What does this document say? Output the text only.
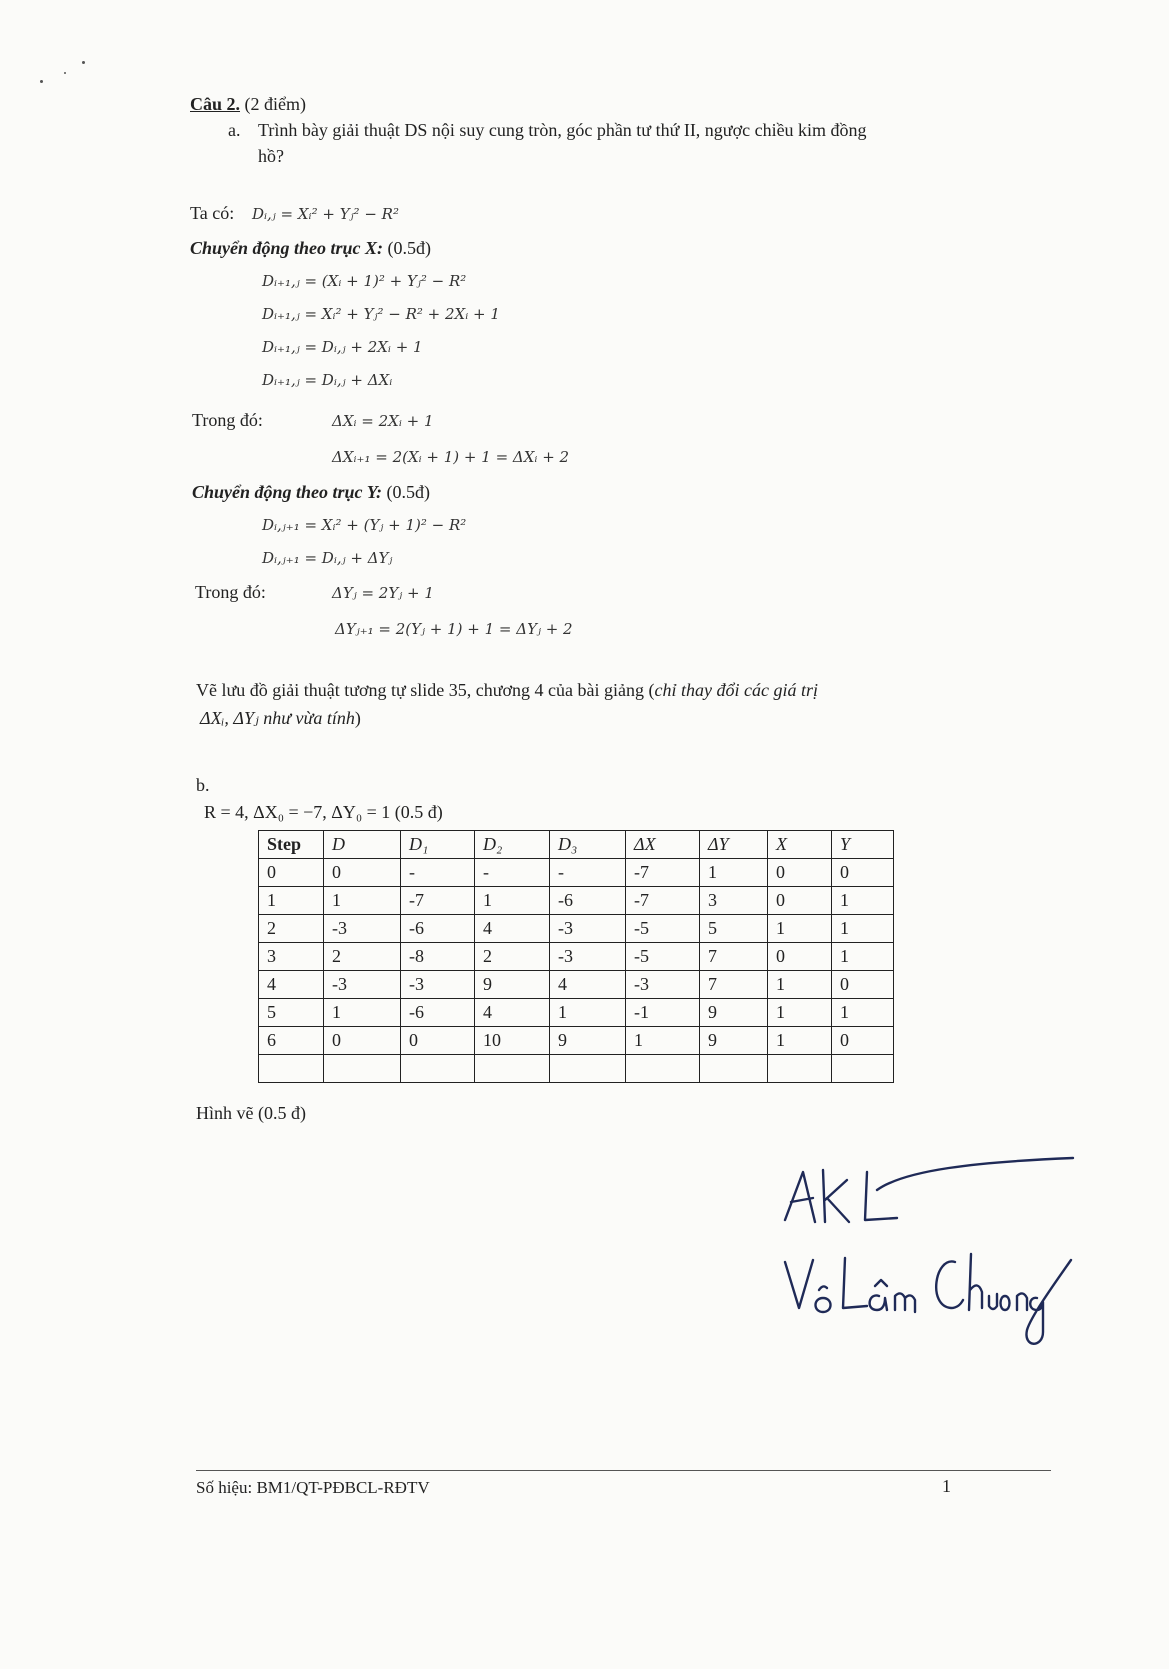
Câu 2. (2 điểm)
a. Trình bày giải thuật DS nội suy cung tròn, góc phần tư thứ II, ngược chiều kim đồng
hồ?
Ta có: Dᵢ,ⱼ = Xᵢ² + Yⱼ² − R²
Chuyển động theo trục X: (0.5đ)
Dᵢ₊₁,ⱼ = (Xᵢ + 1)² + Yⱼ² − R²
Dᵢ₊₁,ⱼ = Xᵢ² + Yⱼ² − R² + 2Xᵢ + 1
Dᵢ₊₁,ⱼ = Dᵢ,ⱼ + 2Xᵢ + 1
Dᵢ₊₁,ⱼ = Dᵢ,ⱼ + ΔXᵢ
Trong đó:	ΔXᵢ = 2Xᵢ + 1
ΔXᵢ₊₁ = 2(Xᵢ + 1) + 1 = ΔXᵢ + 2
Chuyển động theo trục Y: (0.5đ)
Dᵢ,ⱼ₊₁ = Xᵢ² + (Yⱼ + 1)² − R²
Dᵢ,ⱼ₊₁ = Dᵢ,ⱼ + ΔYⱼ
Trong đó:	ΔYⱼ = 2Yⱼ + 1
ΔYⱼ₊₁ = 2(Yⱼ + 1) + 1 = ΔYⱼ + 2
Vẽ lưu đồ giải thuật tương tự slide 35, chương 4 của bài giảng (chỉ thay đổi các giá trị
ΔXᵢ, ΔYⱼ như vừa tính)
b.
R = 4, ΔX₀ = −7, ΔY₀ = 1 (0.5 đ)
Step	D	D₁	D₂	D₃	ΔX	ΔY	X	Y
0	0	-	-	-	-7	1	0	0
1	1	-7	1	-6	-7	3	0	1
2	-3	-6	4	-3	-5	5	1	1
3	2	-8	2	-3	-5	7	0	1
4	-3	-3	9	4	-3	7	1	0
5	1	-6	4	1	-1	9	1	1
6	0	0	10	9	1	9	1	0

Hình vẽ (0.5 đ)
Số hiệu: BM1/QT-PĐBCL-RĐTV	1
